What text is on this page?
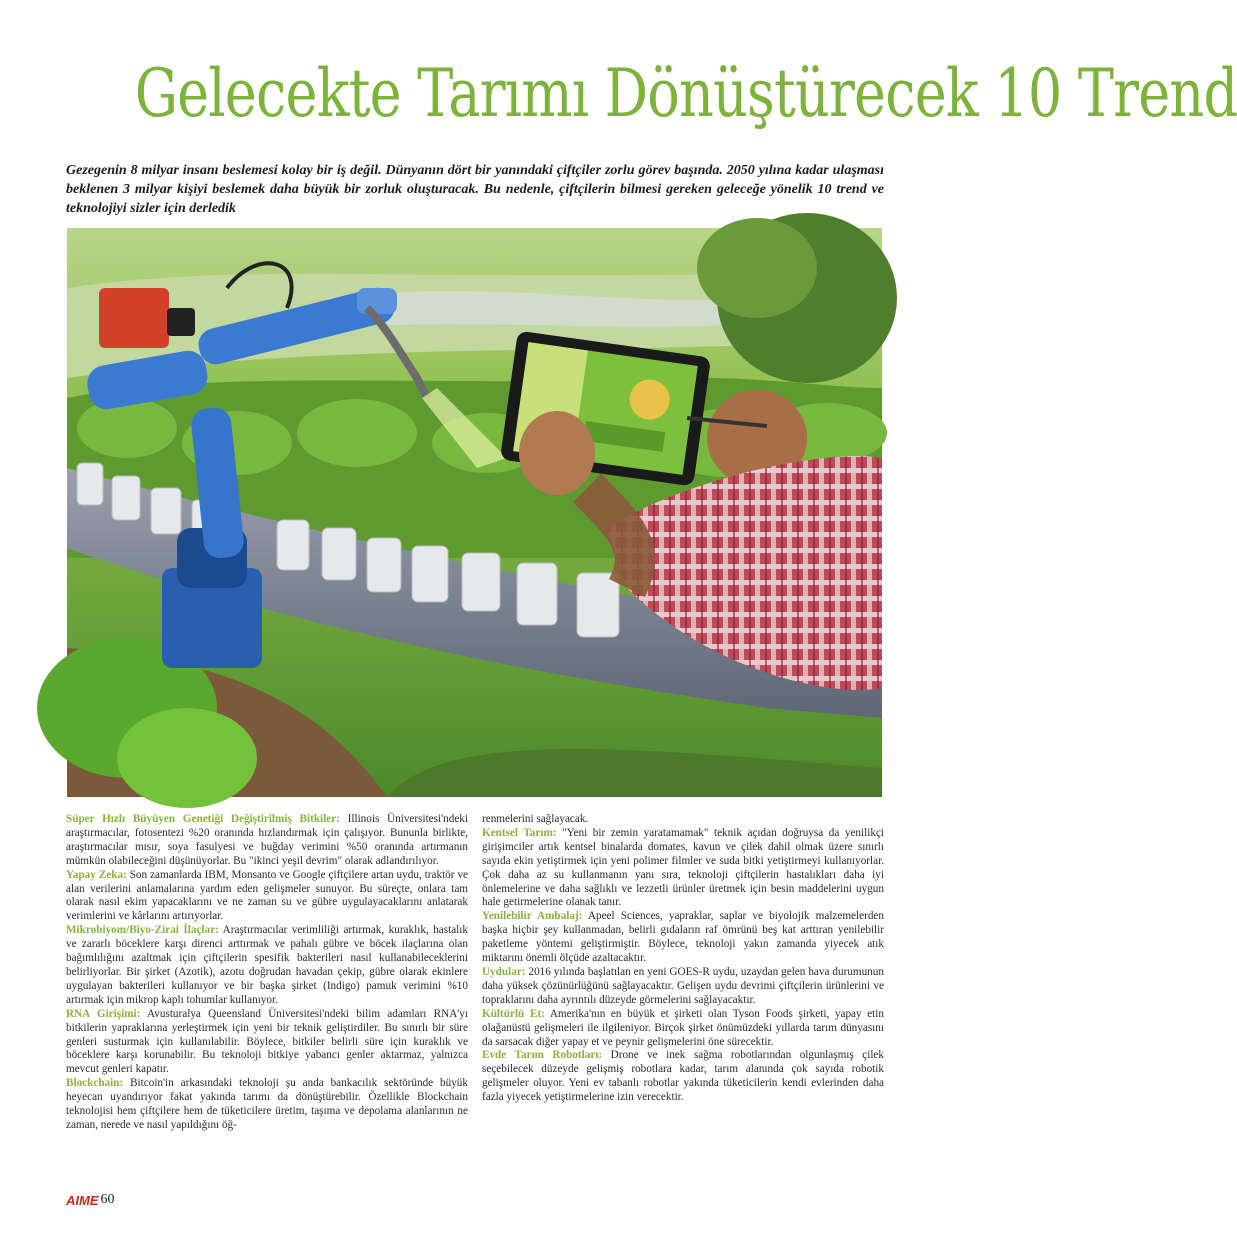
Gelecekte Tarımı Dönüştürecek 10 Trend
Gezegenin 8 milyar insanı beslemesi kolay bir iş değil. Dünyanın dört bir yanındaki çiftçiler zorlu görev başında. 2050 yılına kadar ulaşması beklenen 3 milyar kişiyi beslemek daha büyük bir zorluk oluşturacak. Bu nedenle, çiftçilerin bilmesi gereken geleceğe yönelik 10 trend ve teknolojiyi sizler için derledik

Süper Hızlı Büyüyen Genetiği Değiştirilmiş Bitkiler: Illinois Üniversitesi'ndeki araştırmacılar, fotosentezi %20 oranında hızlandırmak için çalışıyor. Bununla birlikte, araştırmacılar mısır, soya fasulyesi ve buğday verimini %50 oranında artırmanın mümkün olabileceğini düşünüyorlar. Bu "ikinci yeşil devrim" olarak adlandırılıyor.

Yapay Zeka: Son zamanlarda IBM, Monsanto ve Google çiftçilere artan uydu, traktör ve alan verilerini anlamalarına yardım eden gelişmeler sunuyor. Bu süreçte, onlara tam olarak nasıl ekim yapacaklarını ve ne zaman su ve gübre uygulayacaklarını anlatarak verimlerini ve kârlarını artırıyorlar.

Mikrobiyom/Biyo-Zirai İlaçlar: Araştırmacılar verimliliği artırmak, kuraklık, hastalık ve zararlı böceklere karşı direnci arttırmak ve pahalı gübre ve böcek ilaçlarına olan bağımlılığını azaltmak için çiftçilerin spesifik bakterileri nasıl kullanabileceklerini belirliyorlar. Bir şirket (Azotik), azotu doğrudan havadan çekip, gübre olarak ekinlere uygulayan bakterileri kullanıyor ve bir başka şirket (Indigo) pamuk verimini %10 artırmak için mikrop kaplı tohumlar kullanıyor.

RNA Girişimi: Avusturalya Queensland Üniversitesi'ndeki bilim adamları RNA'yı bitkilerin yapraklarına yerleştirmek için yeni bir teknik geliştirdiler. Bu sınırlı bir süre genleri susturmak için kullanılabilir. Böylece, bitkiler belirli süre için kuraklık ve böceklere karşı korunabilir. Bu teknoloji bitkiye yabancı genler aktarmaz, yalnızca mevcut genleri kapatır.

Blockchain: Bitcoin'in arkasındaki teknoloji şu anda bankacılık sektöründe büyük heyecan uyandırıyor fakat yakında tarımı da dönüştürebilir. Özellikle Blockchain teknolojisi hem çiftçilere hem de tüketicilere üretim, taşıma ve depolama alanlarının ne zaman, nerede ve nasıl yapıldığını öğ-

renmelerini sağlayacak.

Kentsel Tarım: "Yeni bir zemin yaratamamak" teknik açıdan doğruysa da yenilikçi girişimciler artık kentsel binalarda domates, kavun ve çilek dahil olmak üzere sınırlı sayıda ekin yetiştirmek için yeni polimer filmler ve suda bitki yetiştirmeyi kullanıyorlar. Çok daha az su kullanmanın yanı sıra, teknoloji çiftçilerin hastalıkları daha iyi önlemelerine ve daha sağlıklı ve lezzetli ürünler üretmek için besin maddelerini uygun hale getirmelerine olanak tanır.

Yenilebilir Ambalaj: Apeel Sciences, yapraklar, saplar ve biyolojik malzemelerden başka hiçbir şey kullanmadan, belirli gıdaların raf ömrünü beş kat arttıran yenilebilir paketleme yöntemi geliştirmiştir. Böylece, teknoloji yakın zamanda yiyecek atık miktarını önemli ölçüde azaltacaktır.

Uydular: 2016 yılında başlatılan en yeni GOES-R uydu, uzaydan gelen hava durumunun daha yüksek çözünürlüğünü sağlayacaktır. Gelişen uydu devrimi çiftçilerin ürünlerini ve topraklarını daha ayrıntılı düzeyde görmelerini sağlayacaktır.

Kültürlü Et: Amerika'nın en büyük et şirketi olan Tyson Foods şirketi, yapay etin olağanüstü gelişmeleri ile ilgileniyor. Birçok şirket önümüzdeki yıllarda tarım dünyasını da sarsacak diğer yapay et ve peynir gelişmelerini öne sürecektir.

Evde Tarım Robotları: Drone ve inek sağma robotlarından olgunlaşmış çilek seçebilecek düzeyde gelişmiş robotlara kadar, tarım alanında çok sayıda robotik gelişmeler oluyor. Yeni ev tabanlı robotlar yakında tüketicilerin kendi evlerinden daha fazla yiyecek yetiştirmelerine izin verecektir.

AIME 60
